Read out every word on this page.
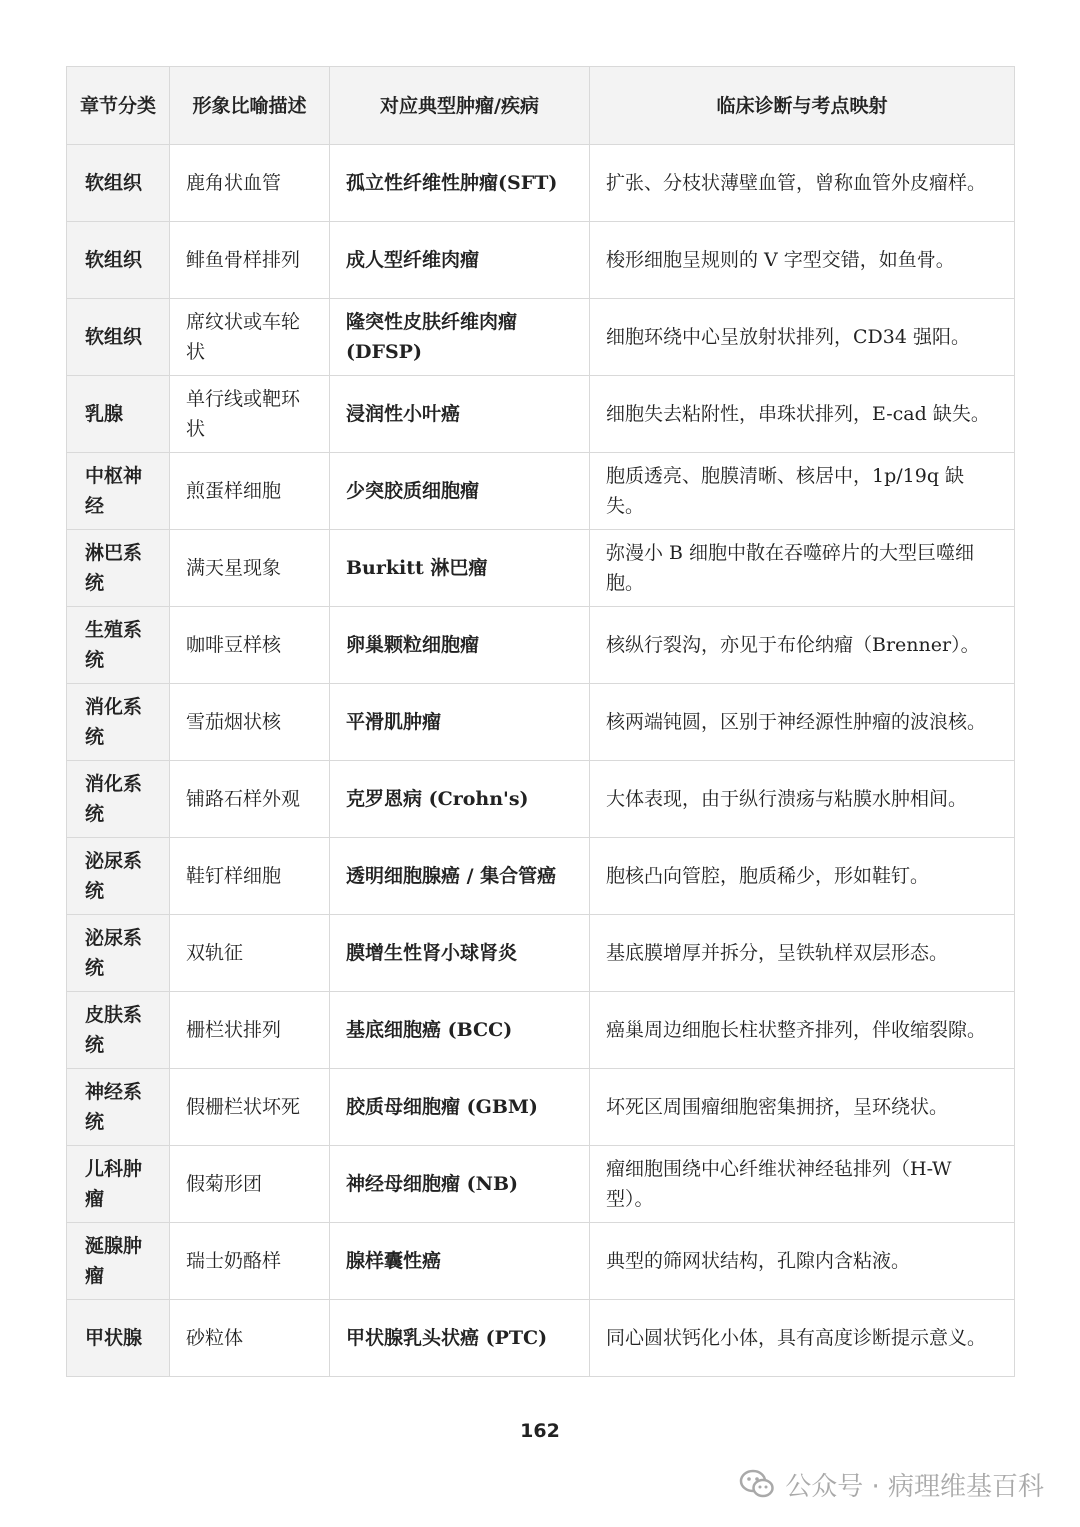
章节分类	形象比喻描述	对应典型肿瘤/疾病	临床诊断与考点映射
软组织	鹿角状血管	孤立性纤维性肿瘤(SFT)	扩张、分枝状薄壁血管，曾称血管外皮瘤样。
软组织	鲱鱼骨样排列	成人型纤维肉瘤	梭形细胞呈规则的 V 字型交错，如鱼骨。
软组织	席纹状或车轮状	隆突性皮肤纤维肉瘤(DFSP)	细胞环绕中心呈放射状排列，CD34 强阳。
乳腺	单行线或靶环状	浸润性小叶癌	细胞失去粘附性，串珠状排列，E-cad 缺失。
中枢神经	煎蛋样细胞	少突胶质细胞瘤	胞质透亮、胞膜清晰、核居中，1p/19q 缺失。
淋巴系统	满天星现象	Burkitt 淋巴瘤	弥漫小 B 细胞中散在吞噬碎片的大型巨噬细胞。
生殖系统	咖啡豆样核	卵巢颗粒细胞瘤	核纵行裂沟，亦见于布伦纳瘤（Brenner）。
消化系统	雪茄烟状核	平滑肌肿瘤	核两端钝圆，区别于神经源性肿瘤的波浪核。
消化系统	铺路石样外观	克罗恩病 (Crohn's)	大体表现，由于纵行溃疡与粘膜水肿相间。
泌尿系统	鞋钉样细胞	透明细胞腺癌 / 集合管癌	胞核凸向管腔，胞质稀少，形如鞋钉。
泌尿系统	双轨征	膜增生性肾小球肾炎	基底膜增厚并拆分，呈铁轨样双层形态。
皮肤系统	栅栏状排列	基底细胞癌 (BCC)	癌巢周边细胞长柱状整齐排列，伴收缩裂隙。
神经系统	假栅栏状坏死	胶质母细胞瘤 (GBM)	坏死区周围瘤细胞密集拥挤，呈环绕状。
儿科肿瘤	假菊形团	神经母细胞瘤 (NB)	瘤细胞围绕中心纤维状神经毡排列（H-W型）。
涎腺肿瘤	瑞士奶酪样	腺样囊性癌	典型的筛网状结构，孔隙内含粘液。
甲状腺	砂粒体	甲状腺乳头状癌 (PTC)	同心圆状钙化小体，具有高度诊断提示意义。
162
公众号 · 病理维基百科
